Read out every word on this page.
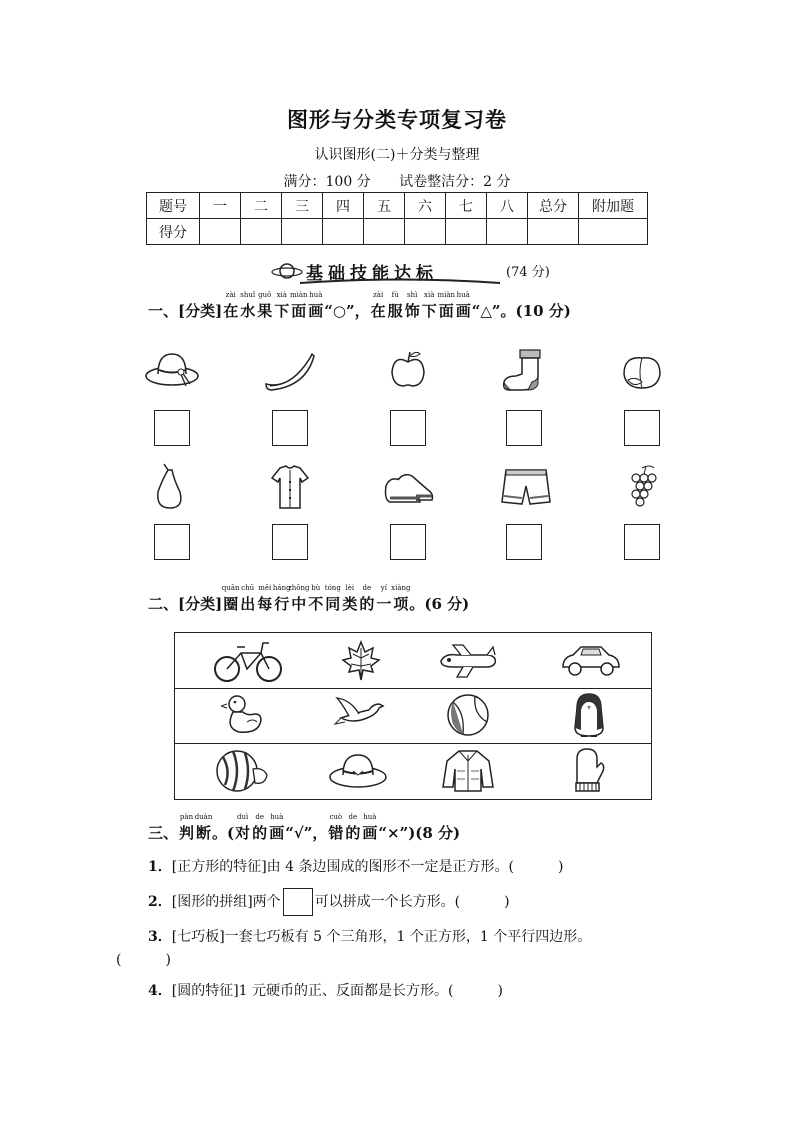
图形与分类专项复习卷
认识图形(二)＋分类与整理
满分：100 分 试卷整洁分：2 分
题号	一	二	三	四	五	六	七	八	总分	附加题
得分										
基础技能达标	(74 分)
一、[分类]
zài
在
shuǐ
水
guǒ
果
xià
下
miàn
面
huà
画“○”，
zài
在
fú
服
shì
饰
xià
下
miàn
面
huà
画“△”。(10 分)
二、[分类]
quān
圈
chū
出
měi
每
háng
行
zhōng
中
bù
不
tóng
同
lèi
类
de
的
yí
一
xiàng
项。(6 分)
三、
pàn
判
duàn
断。(
duì
对
de
的
huà
画“√”，
cuò
错
de
的
huà
画“×”)(8 分)
1．[正方形的特征]由 4 条边围成的图形不一定是正方形。(	)
2．[图形的拼组]两个 可以拼成一个长方形。(	)
3．[七巧板]一套七巧板有 5 个三角形，1 个正方形，1 个平行四边形。
(	)
4．[圆的特征]1 元硬币的正、反面都是长方形。(	)
